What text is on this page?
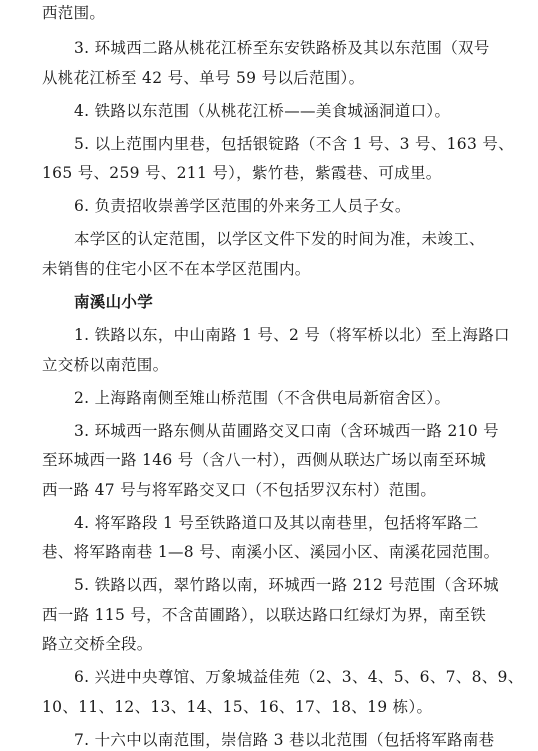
西范围。
3. 环城西二路从桃花江桥至东安铁路桥及其以东范围（双号
从桃花江桥至 42 号、单号 59 号以后范围）。
4. 铁路以东范围（从桃花江桥——美食城涵洞道口）。
5. 以上范围内里巷，包括银锭路（不含 1 号、3 号、163 号、
165 号、259 号、211 号），紫竹巷，紫霞巷、可成里。
6. 负责招收崇善学区范围的外来务工人员子女。
本学区的认定范围，以学区文件下发的时间为准，未竣工、
未销售的住宅小区不在本学区范围内。
南溪山小学
1. 铁路以东，中山南路 1 号、2 号（将军桥以北）至上海路口
立交桥以南范围。
2. 上海路南侧至雉山桥范围（不含供电局新宿舍区）。
3. 环城西一路东侧从苗圃路交叉口南（含环城西一路 210 号
至环城西一路 146 号（含八一村），西侧从联达广场以南至环城
西一路 47 号与将军路交叉口（不包括罗汉东村）范围。
4. 将军路段 1 号至铁路道口及其以南巷里，包括将军路二
巷、将军路南巷 1—8 号、南溪小区、溪园小区、南溪花园范围。
5. 铁路以西，翠竹路以南，环城西一路 212 号范围（含环城
西一路 115 号，不含苗圃路），以联达路口红绿灯为界，南至铁
路立交桥全段。
6. 兴进中央尊馆、万象城益佳苑（2、3、4、5、6、7、8、9、
10、11、12、13、14、15、16、17、18、19 栋）。
7. 十六中以南范围，崇信路 3 巷以北范围（包括将军路南巷
